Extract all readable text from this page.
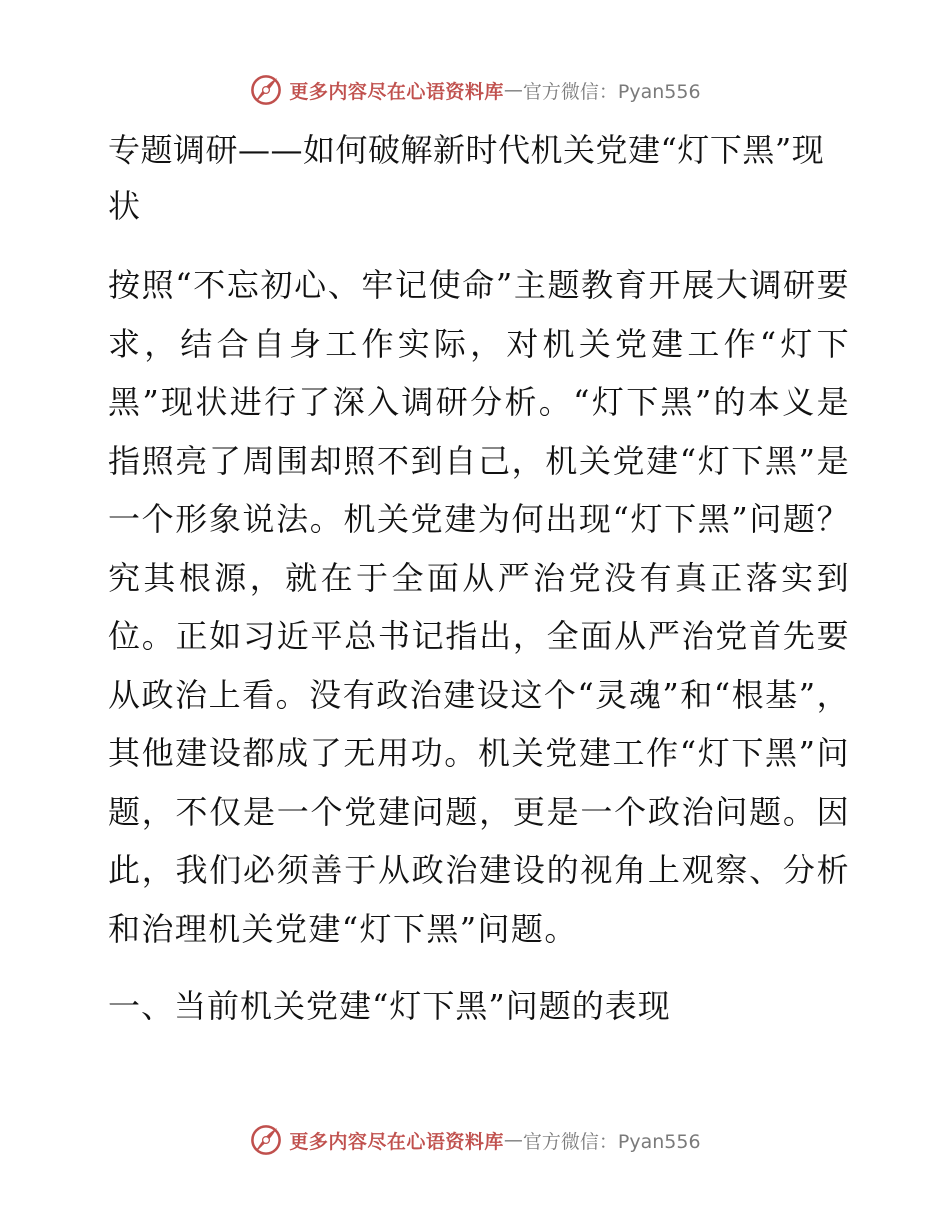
更多内容尽在心语资料库 — 官方微信：Pyan556
专题调研——如何破解新时代机关党建“灯下黑”现状

按照“不忘初心、牢记使命”主题教育开展大调研要求，结合自身工作实际，对机关党建工作“灯下黑”现状进行了深入调研分析。“灯下黑”的本义是指照亮了周围却照不到自己，机关党建“灯下黑”是一个形象说法。机关党建为何出现“灯下黑”问题？究其根源，就在于全面从严治党没有真正落实到位。正如习近平总书记指出，全面从严治党首先要从政治上看。没有政治建设这个“灵魂”和“根基”，其他建设都成了无用功。机关党建工作“灯下黑”问题，不仅是一个党建问题，更是一个政治问题。因此，我们必须善于从政治建设的视角上观察、分析和治理机关党建“灯下黑”问题。

一、当前机关党建“灯下黑”问题的表现
更多内容尽在心语资料库 — 官方微信：Pyan556
